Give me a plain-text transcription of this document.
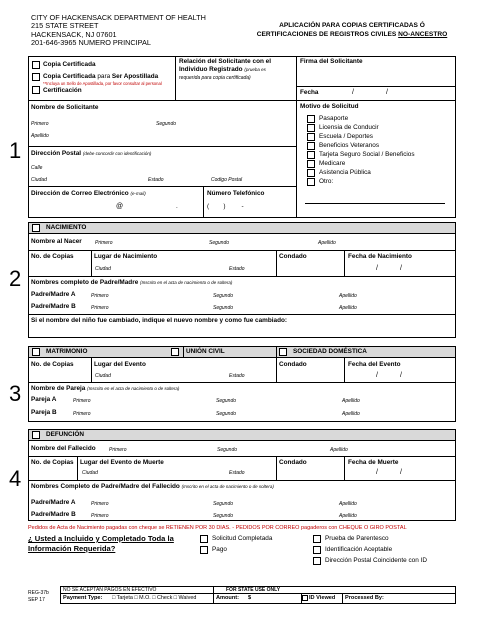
CITY OF HACKENSACK DEPARTMENT OF HEALTH
215 STATE STREET
HACKENSACK, NJ 07601
201-646-3965 NUMERO PRINCIPAL
APLICACIÓN PARA COPIAS CERTIFICADAS Ó
CERTIFICACIONES DE REGISTROS CIVILES NO-ANCESTRO
1
Copia Certificada
Copia Certificada para Ser Apostillada
**Incluya un Sello de Apostillada, por favor consultar al personal
Certificación
Relación del Solicitante con el Individuo Registrado (prueba es
requerida para copia certificada)
Firma del Solicitante
Fecha	/	/
Nombre de Solicitante
Primero	Segundo
Apellido
Motivo de Solicitud
Pasaporte
Licensia de Conducir
Escuela / Deportes
Beneficios Veteranos
Tarjeta Seguro Social / Beneficios
Medicare
Asistencia Pública
Otro:
Dirección Postal (debe concordir con identificación)
Calle
Ciudad	Estado	Codigo Postal
Dirección de Correo Electrónico (e-mail)
@	.
Número Telefónico
(        )         -
2
NACIMIENTO
Nombre al Nacer	Primero	Segundo	Apellido
No. de Copias	Lugar de Nacimiento	Condado	Fecha de Nacimiento
Ciudad	Estado	/	/
Nombres completo de Padre/Madre (Inscrito en el acta de nacimiento o de soltera)
Padre/Madre A	Primero	Segundo	Apellido
Padre/Madre B	Primero	Segundo	Apellido
Si el nombre del niño fue cambiado, indique el nuevo nombre y como fue cambiado:
3
MATRIMONIO	UNIÓN CIVIL	SOCIEDAD DOMÉSTICA
No. de Copias	Lugar del Evento	Condado	Fecha del Evento
Ciudad	Estado	/	/
Nombre de Pareja (Inscrito en el acta de nacimiento o de soltera)
Pareja A	Primero	Segundo	Apellido
Pareja B	Primero	Segundo	Apellido
4
DEFUNCIÓN
Nombre del Fallecido	Primero	Segundo	Apellido
No. de Copias Lugar del Evento de Muerte	Condado	Fecha de Muerte
Ciudad	Estado	/	/
Nombres Completo de Padre/Madre del Fallecido (Inscrito en el acta de nacimiento o de soltera)
Padre/Madre A	Primero	Segundo	Apellido
Padre/Madre B	Primero	Segundo	Apellido
Pedidos de Acta de Nacimiento pagadas con cheque se RETIENEN POR 30 DIAS. - PEDIDOS POR CORREO pagaderos con CHEQUE O GIRO POSTAL
¿ Usted a Incluido y Completado Toda la
Información Requerida?
Solicitud Completada
Pago
Prueba de Parentesco
Identificación Aceptable
Dirección Postal Coincidente con ID
REG-37b
SEP 17
NO SE ACEPTAN PAGOS EN EFECTIVO	FOR STATE USE ONLY
Payment Type: □ Tarjeta □ M.O. □ Check □ Waived	Amount: $	ID Viewed Processed By:
